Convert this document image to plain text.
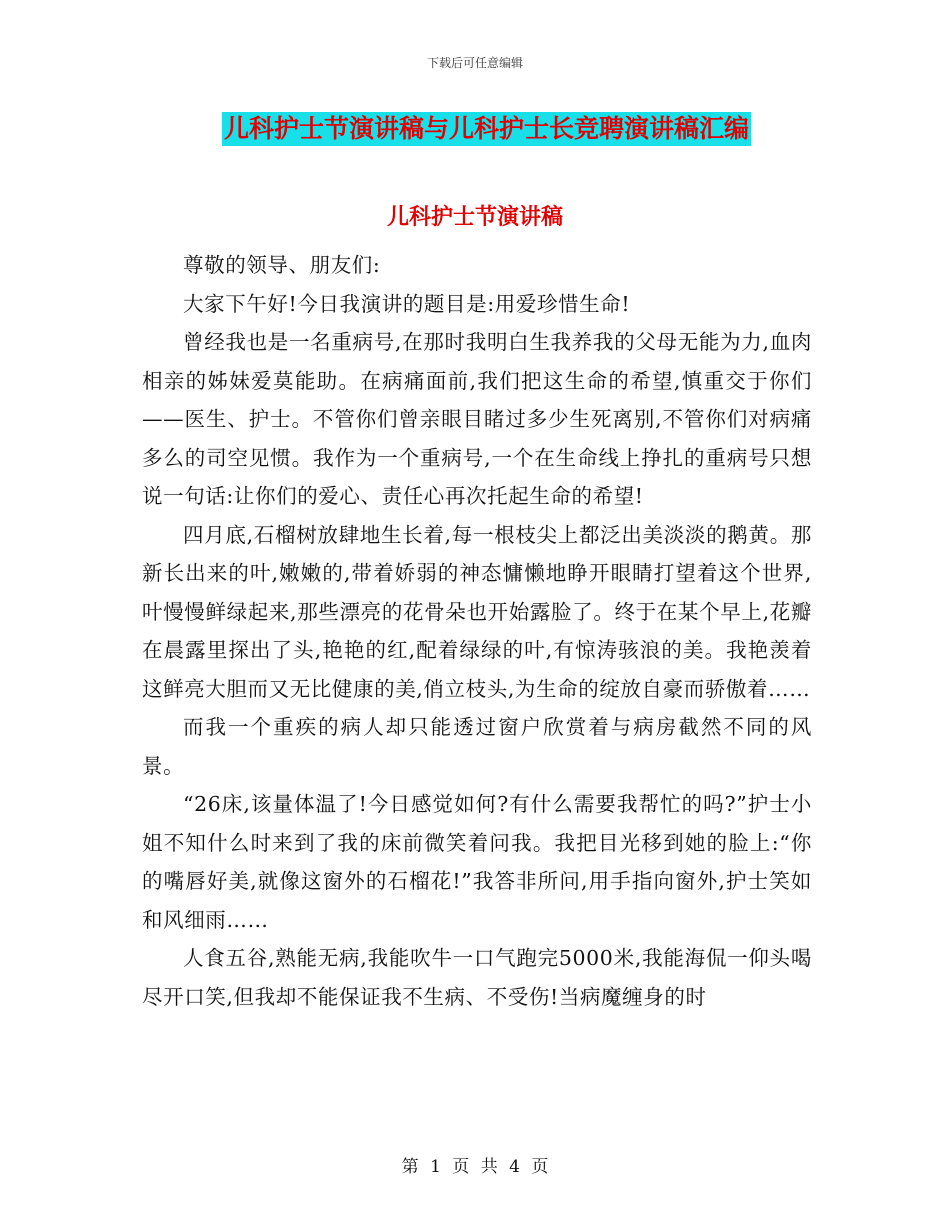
下载后可任意编辑
儿科护士节演讲稿与儿科护士长竞聘演讲稿汇编
儿科护士节演讲稿

尊敬的领导、朋友们:

大家下午好!今日我演讲的题目是:用爱珍惜生命!

曾经我也是一名重病号,在那时我明白生我养我的父母无能为力,血肉相亲的姊妹爱莫能助。在病痛面前,我们把这生命的希望,慎重交于你们——医生、护士。不管你们曾亲眼目睹过多少生死离别,不管你们对病痛多么的司空见惯。我作为一个重病号,一个在生命线上挣扎的重病号只想说一句话:让你们的爱心、责任心再次托起生命的希望!

四月底,石榴树放肆地生长着,每一根枝尖上都泛出美淡淡的鹅黄。那新长出来的叶,嫩嫩的,带着娇弱的神态慵懒地睁开眼睛打望着这个世界,叶慢慢鲜绿起来,那些漂亮的花骨朵也开始露脸了。终于在某个早上,花瓣在晨露里探出了头,艳艳的红,配着绿绿的叶,有惊涛骇浪的美。我艳羡着这鲜亮大胆而又无比健康的美,俏立枝头,为生命的绽放自豪而骄傲着……

而我一个重疾的病人却只能透过窗户欣赏着与病房截然不同的风景。

“26床,该量体温了!今日感觉如何?有什么需要我帮忙的吗?”护士小姐不知什么时来到了我的床前微笑着问我。我把目光移到她的脸上:“你的嘴唇好美,就像这窗外的石榴花!”我答非所问,用手指向窗外,护士笑如和风细雨……

人食五谷,熟能无病,我能吹牛一口气跑完5000米,我能海侃一仰头喝尽开口笑,但我却不能保证我不生病、不受伤!当病魔缠身的时

第 1 页 共 4 页
